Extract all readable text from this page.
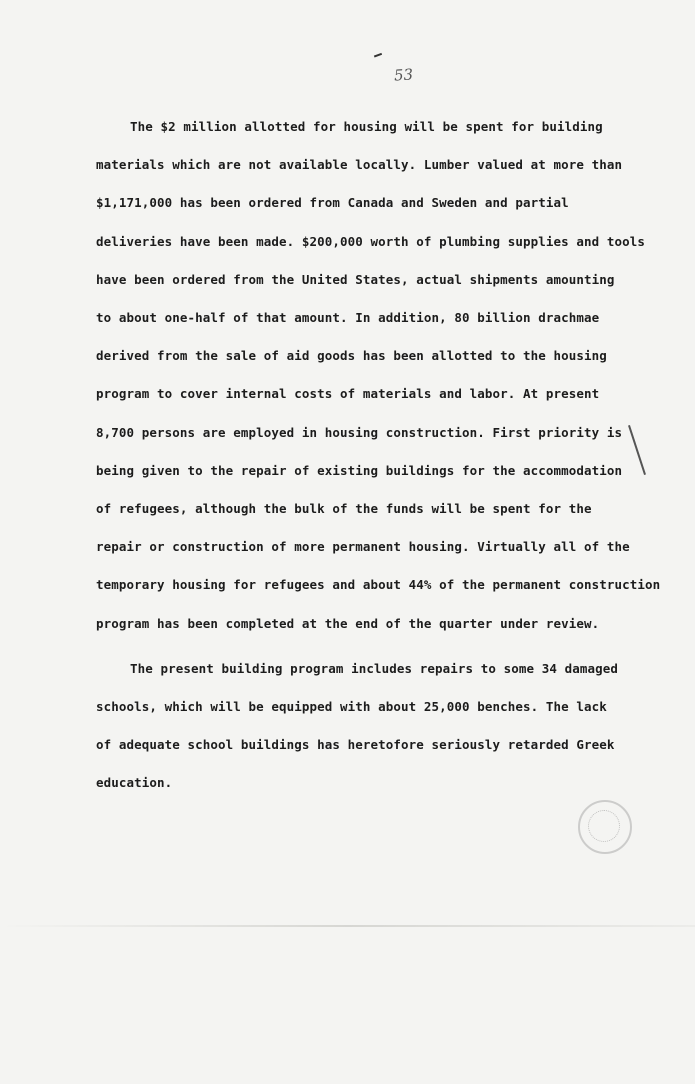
53
The $2 million allotted for housing will be spent for building
materials which are not available locally. Lumber valued at more than
$1,171,000 has been ordered from Canada and Sweden and partial
deliveries have been made. $200,000 worth of plumbing supplies and tools
have been ordered from the United States, actual shipments amounting
to about one-half of that amount. In addition, 80 billion drachmae
derived from the sale of aid goods has been allotted to the housing
program to cover internal costs of materials and labor. At present
8,700 persons are employed in housing construction. First priority is
being given to the repair of existing buildings for the accommodation
of refugees, although the bulk of the funds will be spent for the
repair or construction of more permanent housing. Virtually all of the
temporary housing for refugees and about 44% of the permanent construction
program has been completed at the end of the quarter under review.
The present building program includes repairs to some 34 damaged
schools, which will be equipped with about 25,000 benches. The lack
of adequate school buildings has heretofore seriously retarded Greek
education.
